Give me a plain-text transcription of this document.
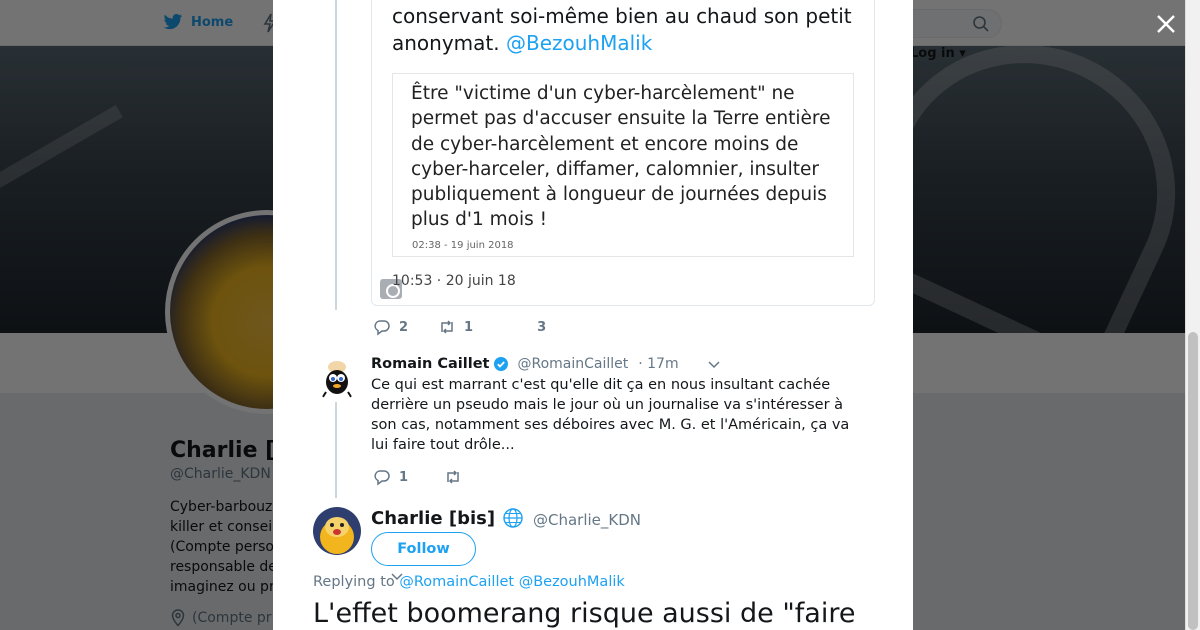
conservant soi-même bien au chaud son petit anonymat. @BezouhMalik
Être "victime d'un cyber-harcèlement" ne permet pas d'accuser ensuite la Terre entière de cyber-harcèlement et encore moins de cyber-harceler, diffamer, calomnier, insulter publiquement à longueur de journées depuis plus d'1 mois !
02:38 - 19 juin 2018
10:53 · 20 juin 18
2	1	3
Romain Caillet @RomainCaillet · 17m
Ce qui est marrant c'est qu'elle dit ça en nous insultant cachée derrière un pseudo mais le jour où un journalise va s'intéresser à son cas, notamment ses déboires avec M. G. et l'Américain, ça va lui faire tout drôle...
1
Charlie [bis]	@Charlie_KDN
Follow
Replying to @RomainCaillet @BezouhMalik
L'effet boomerang risque aussi de "faire
